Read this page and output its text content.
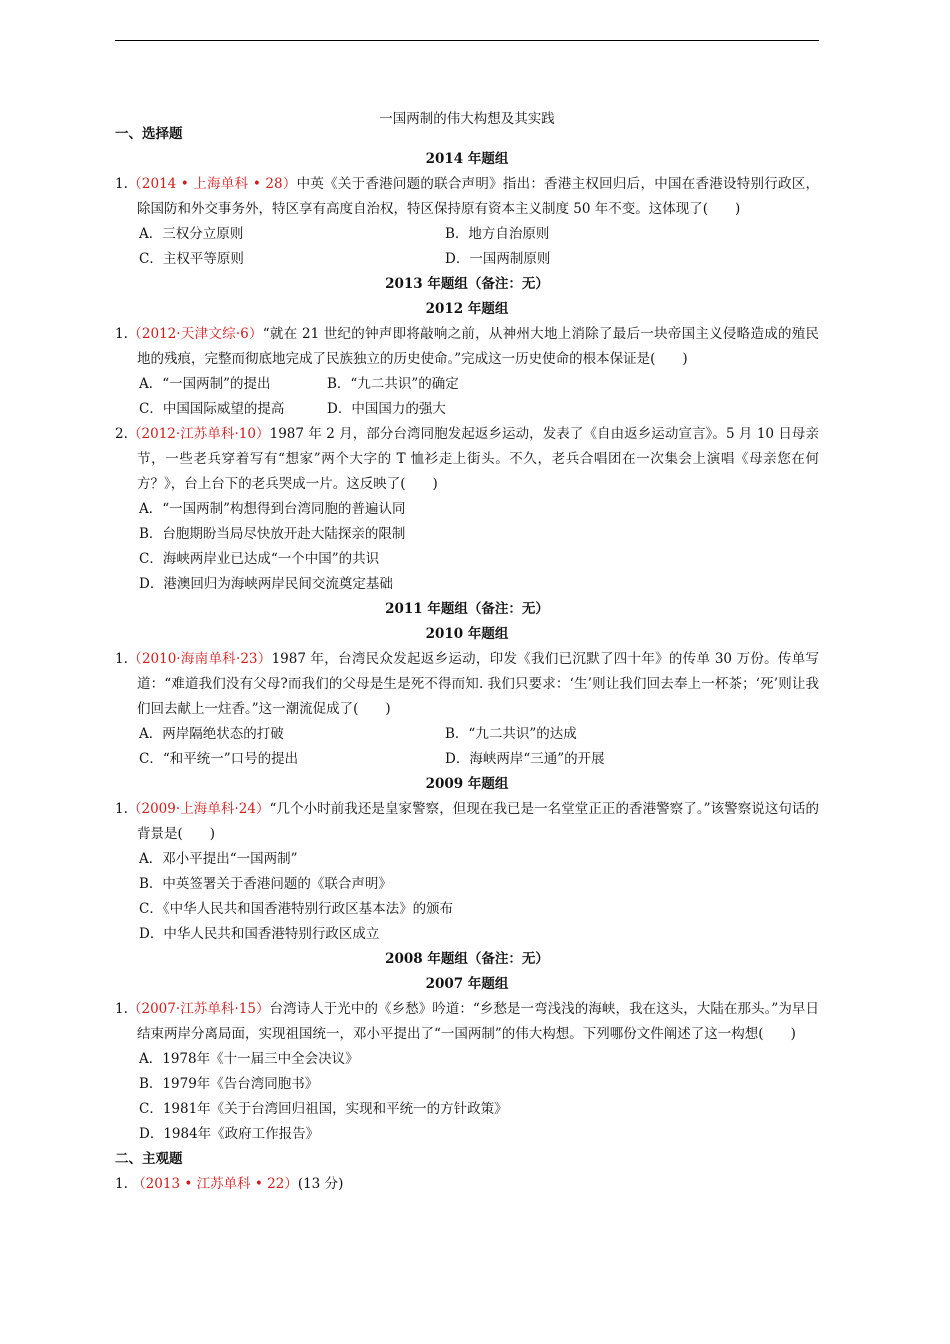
一国两制的伟大构想及其实践
一、选择题
2014 年题组
1.（2014 • 上海单科 • 28）中英《关于香港问题的联合声明》指出：香港主权回归后，中国在香港设特别行政区，除国防和外交事务外，特区享有高度自治权，特区保持原有资本主义制度 50 年不变。这体现了(　　)
A．三权分立原则	B．地方自治原则
C．主权平等原则	D．一国两制原则
2013 年题组（备注：无）
2012 年题组
1.（2012·天津文综·6）“就在 21 世纪的钟声即将敲响之前，从神州大地上消除了最后一块帝国主义侵略造成的殖民地的残痕，完整而彻底地完成了民族独立的历史使命。”完成这一历史使命的根本保证是(　　)
A．“一国两制”的提出	B．“九二共识”的确定
C．中国国际威望的提高	D．中国国力的强大
2.（2012·江苏单科·10）1987 年 2 月，部分台湾同胞发起返乡运动，发表了《自由返乡运动宣言》。5 月 10 日母亲节，一些老兵穿着写有“想家”两个大字的 T 恤衫走上街头。不久，老兵合唱团在一次集会上演唱《母亲您在何方？》，台上台下的老兵哭成一片。这反映了(　　)
A．“一国两制”构想得到台湾同胞的普遍认同
B．台胞期盼当局尽快放开赴大陆探亲的限制
C．海峡两岸业已达成“一个中国”的共识
D．港澳回归为海峡两岸民间交流奠定基础
2011 年题组（备注：无）
2010 年题组
1.（2010·海南单科·23）1987 年，台湾民众发起返乡运动，印发《我们已沉默了四十年》的传单 30 万份。传单写道：“难道我们没有父母?而我们的父母是生是死不得而知. 我们只要求：‘生’则让我们回去奉上一杯茶；‘死’则让我们回去献上一炷香。”这一潮流促成了(　　)
A．两岸隔绝状态的打破	B．“九二共识”的达成
C．“和平统一”口号的提出	D．海峡两岸“三通”的开展
2009 年题组
1.（2009·上海单科·24）“几个小时前我还是皇家警察，但现在我已是一名堂堂正正的香港警察了。”该警察说这句话的背景是(　　)
A．邓小平提出“一国两制”
B．中英签署关于香港问题的《联合声明》
C．《中华人民共和国香港特别行政区基本法》的颁布
D．中华人民共和国香港特别行政区成立
2008 年题组（备注：无）
2007 年题组
1.（2007·江苏单科·15）台湾诗人于光中的《乡愁》吟道：“乡愁是一弯浅浅的海峡，我在这头，大陆在那头。”为早日结束两岸分离局面，实现祖国统一，邓小平提出了“一国两制”的伟大构想。下列哪份文件阐述了这一构想(　　)
A．1978年《十一届三中全会决议》
B．1979年《告台湾同胞书》
C．1981年《关于台湾回归祖国，实现和平统一的方针政策》
D．1984年《政府工作报告》
二、主观题
1. （2013 • 江苏单科 • 22）(13 分)
